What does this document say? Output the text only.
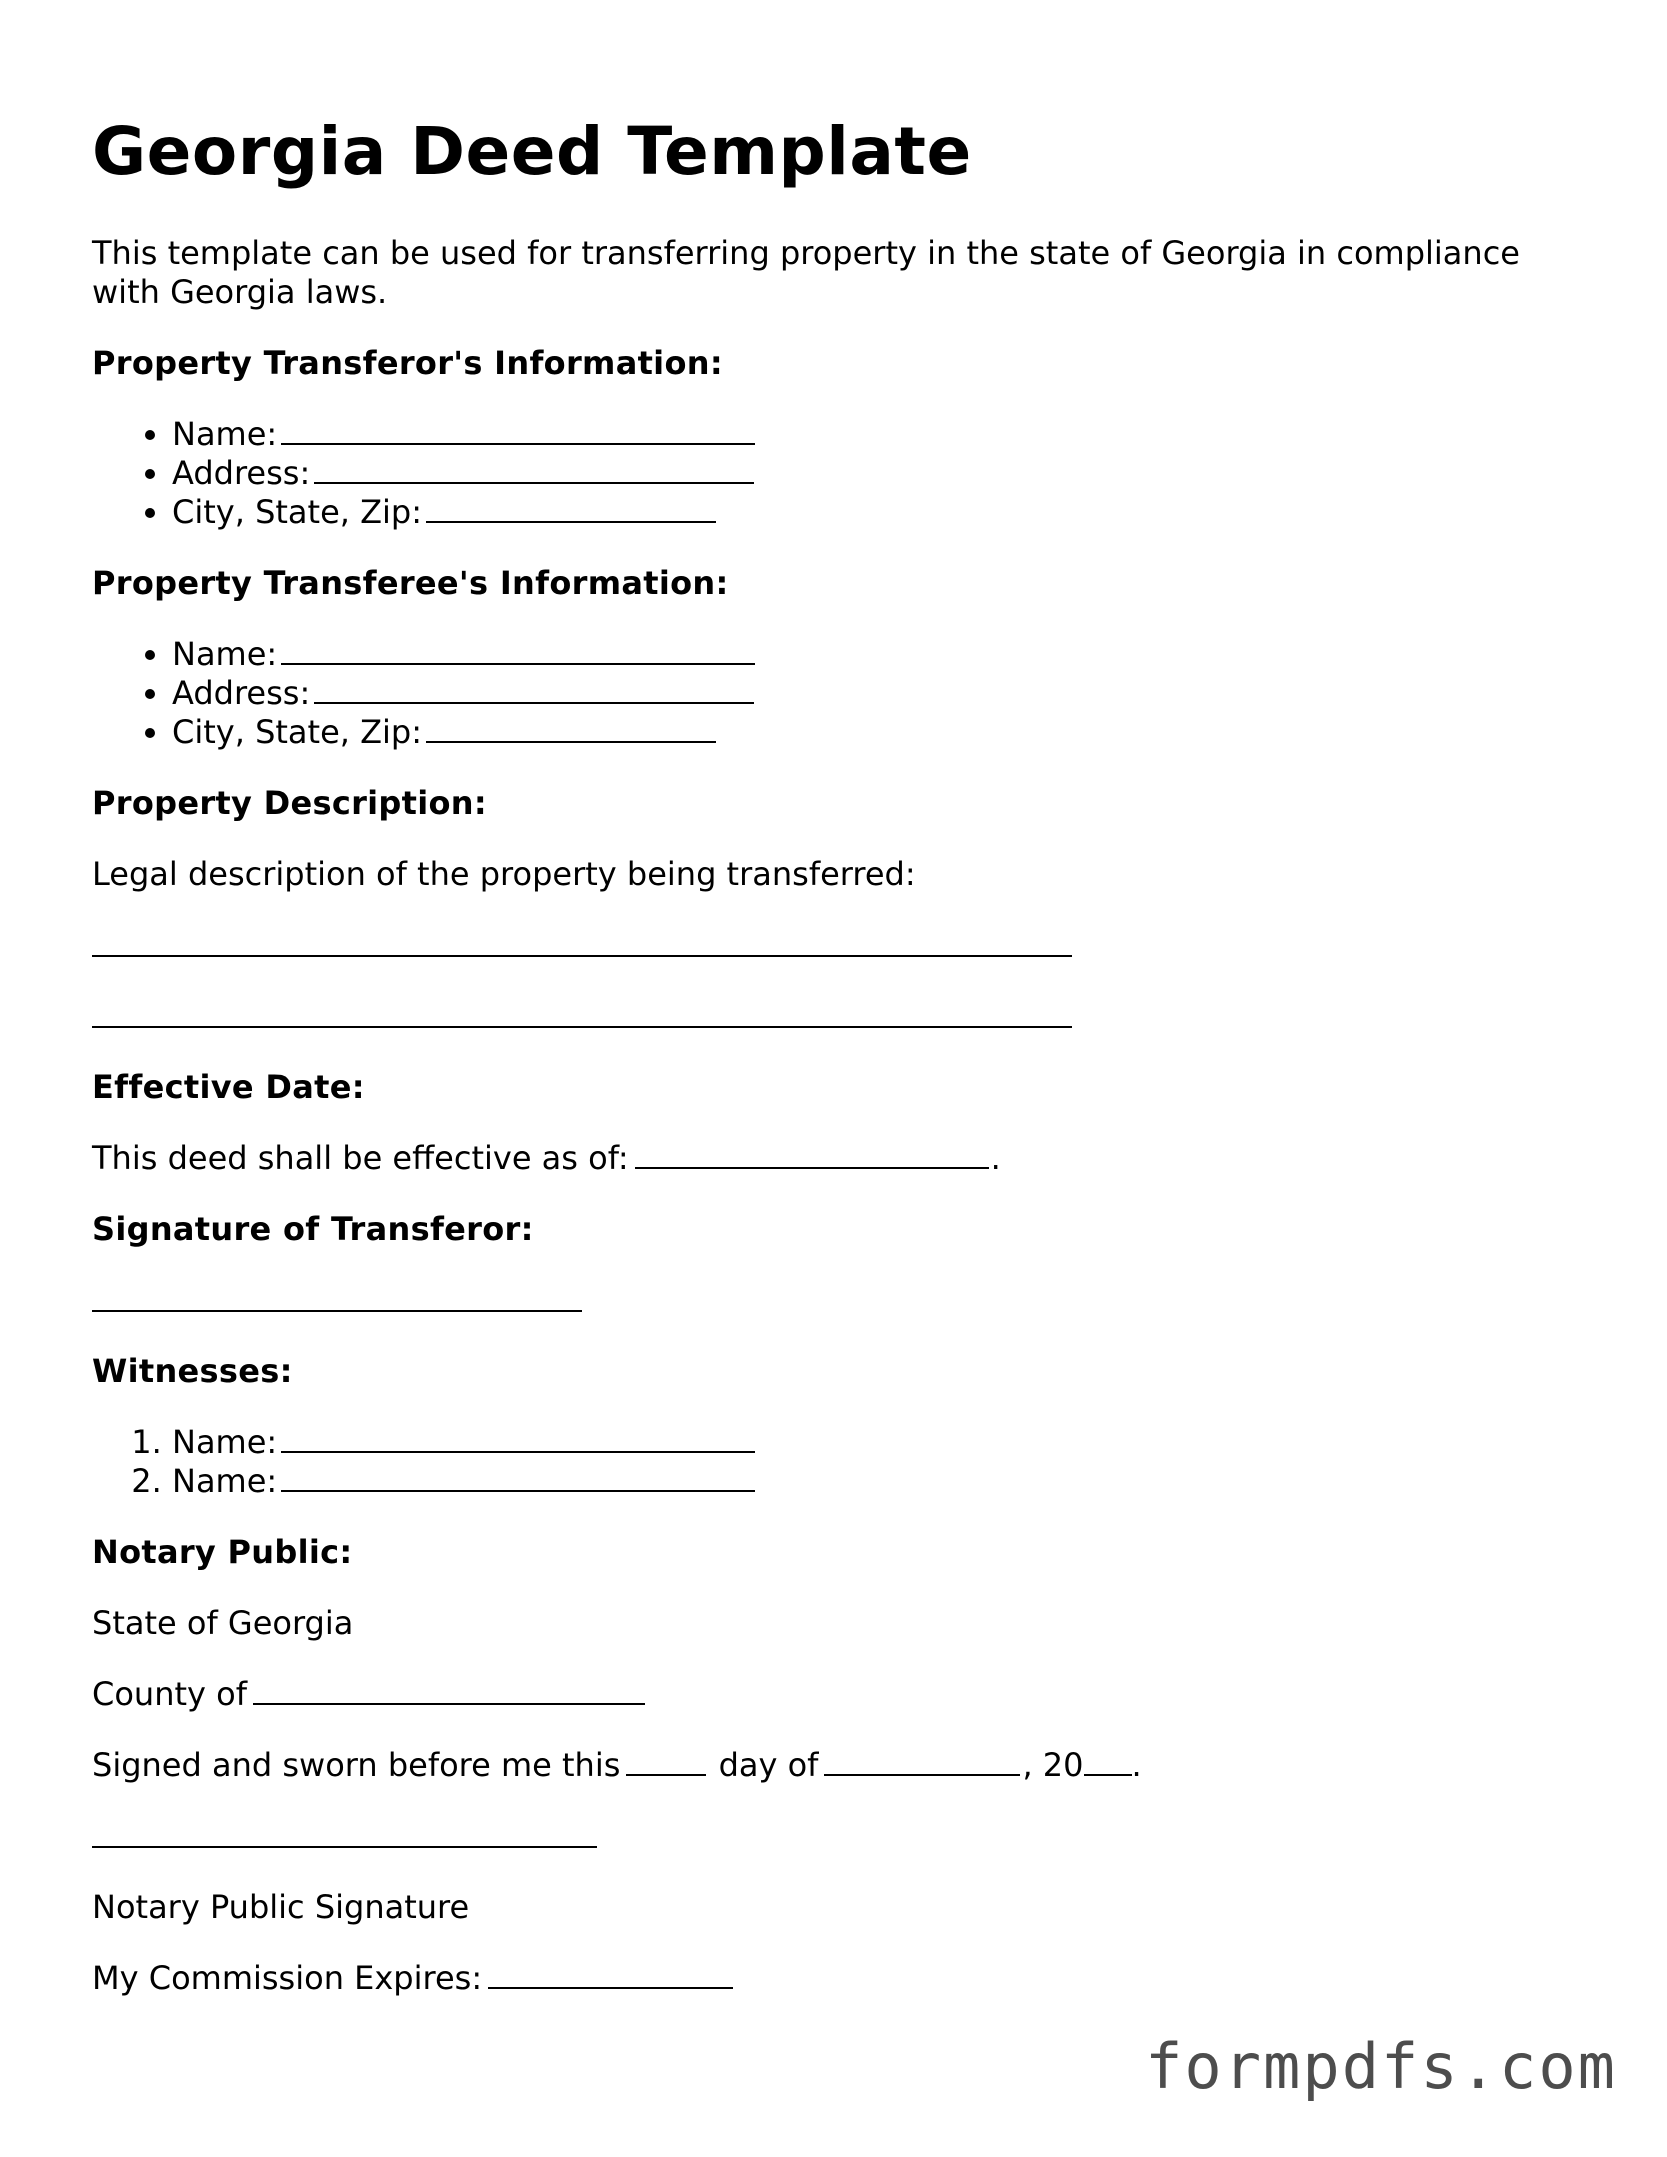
Georgia Deed Template

This template can be used for transferring property in the state of Georgia in compliance with Georgia laws.

Property Transferor's Information:
• Name:
• Address:
• City, State, Zip:
Property Transferee's Information:
• Name:
• Address:
• City, State, Zip:
Property Description:

Legal description of the property being transferred:

Effective Date:

This deed shall be effective as of:	.

Signature of Transferor:
Witnesses:
1. Name:
2. Name:
Notary Public:

State of Georgia

County of

Signed and sworn before me this	day of	, 20 .

Notary Public Signature

My Commission Expires:

formpdfs.com
